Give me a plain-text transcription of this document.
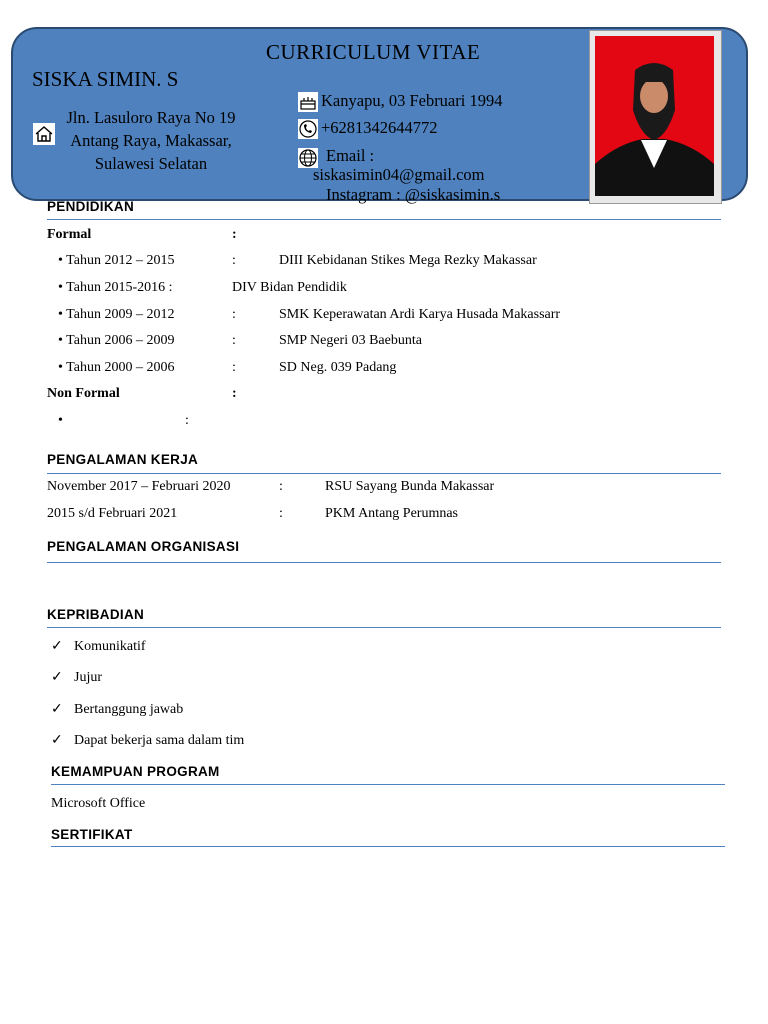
CURRICULUM VITAE
SISKA SIMIN. S
Jln. Lasuloro Raya No 19
Antang Raya, Makassar,
Sulawesi Selatan
Kanyapu, 03 Februari 1994
+6281342644772
Email :
siskasimin04@gmail.com
Instagram : @siskasimin.s
PENDIDIKAN
Formal	:
• Tahun 2012 – 2015	:	DIII Kebidanan Stikes Mega Rezky Makassar
• Tahun 2015-2016 :	DIV Bidan Pendidik
• Tahun 2009 – 2012	:	SMK Keperawatan Ardi Karya Husada Makassarr
• Tahun 2006 – 2009	:	SMP Negeri 03 Baebunta
• Tahun 2000 – 2006	:	SD Neg. 039 Padang
Non Formal	:
•	:
PENGALAMAN KERJA
November 2017 – Februari 2020	:	RSU Sayang Bunda Makassar
2015 s/d Februari 2021	:	PKM Antang Perumnas
PENGALAMAN ORGANISASI
KEPRIBADIAN
✓ Komunikatif
✓ Jujur
✓ Bertanggung jawab
✓ Dapat bekerja sama dalam tim
KEMAMPUAN PROGRAM
Microsoft Office
SERTIFIKAT
